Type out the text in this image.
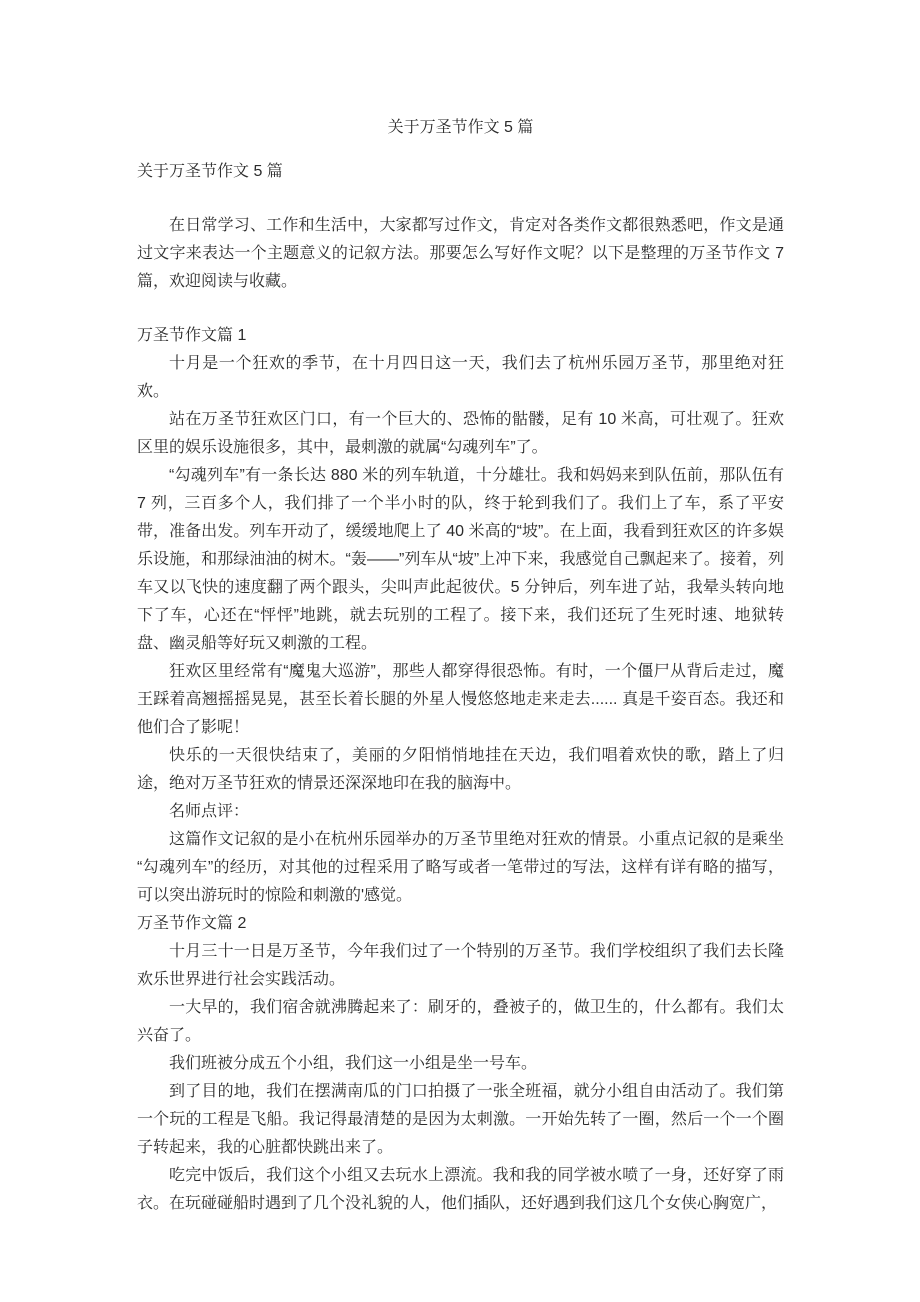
关于万圣节作文 5 篇

关于万圣节作文 5 篇

在日常学习、工作和生活中，大家都写过作文，肯定对各类作文都很熟悉吧，作文是通过文字来表达一个主题意义的记叙方法。那要怎么写好作文呢？以下是整理的万圣节作文 7 篇，欢迎阅读与收藏。

万圣节作文篇 1

十月是一个狂欢的季节，在十月四日这一天，我们去了杭州乐园万圣节，那里绝对狂欢。

站在万圣节狂欢区门口，有一个巨大的、恐怖的骷髅，足有 10 米高，可壮观了。狂欢区里的娱乐设施很多，其中，最刺激的就属“勾魂列车”了。

“勾魂列车”有一条长达 880 米的列车轨道，十分雄壮。我和妈妈来到队伍前，那队伍有 7 列，三百多个人，我们排了一个半小时的队，终于轮到我们了。我们上了车，系了平安带，准备出发。列车开动了，缓缓地爬上了 40 米高的“坡”。在上面，我看到狂欢区的许多娱乐设施，和那绿油油的树木。“轰——”列车从“坡”上冲下来，我感觉自己飘起来了。接着，列车又以飞快的速度翻了两个跟头，尖叫声此起彼伏。5 分钟后，列车进了站，我晕头转向地下了车，心还在“怦怦”地跳，就去玩别的工程了。接下来，我们还玩了生死时速、地狱转盘、幽灵船等好玩又刺激的工程。

狂欢区里经常有“魔鬼大巡游”，那些人都穿得很恐怖。有时，一个僵尸从背后走过，魔王踩着高翘摇摇晃晃，甚至长着长腿的外星人慢悠悠地走来走去...... 真是千姿百态。我还和他们合了影呢！

快乐的一天很快结束了，美丽的夕阳悄悄地挂在天边，我们唱着欢快的歌，踏上了归途，绝对万圣节狂欢的情景还深深地印在我的脑海中。

名师点评：

这篇作文记叙的是小在杭州乐园举办的万圣节里绝对狂欢的情景。小重点记叙的是乘坐“勾魂列车”的经历，对其他的过程采用了略写或者一笔带过的写法，这样有详有略的描写，可以突出游玩时的惊险和刺激的'感觉。

万圣节作文篇 2

十月三十一日是万圣节，今年我们过了一个特别的万圣节。我们学校组织了我们去长隆欢乐世界进行社会实践活动。

一大早的，我们宿舍就沸腾起来了：刷牙的，叠被子的，做卫生的，什么都有。我们太兴奋了。

我们班被分成五个小组，我们这一小组是坐一号车。

到了目的地，我们在摆满南瓜的门口拍摄了一张全班福，就分小组自由活动了。我们第一个玩的工程是飞船。我记得最清楚的是因为太刺激。一开始先转了一圈，然后一个一个圈子转起来，我的心脏都快跳出来了。

吃完中饭后，我们这个小组又去玩水上漂流。我和我的同学被水喷了一身，还好穿了雨衣。在玩碰碰船时遇到了几个没礼貌的人，他们插队，还好遇到我们这几个女侠心胸宽广，
